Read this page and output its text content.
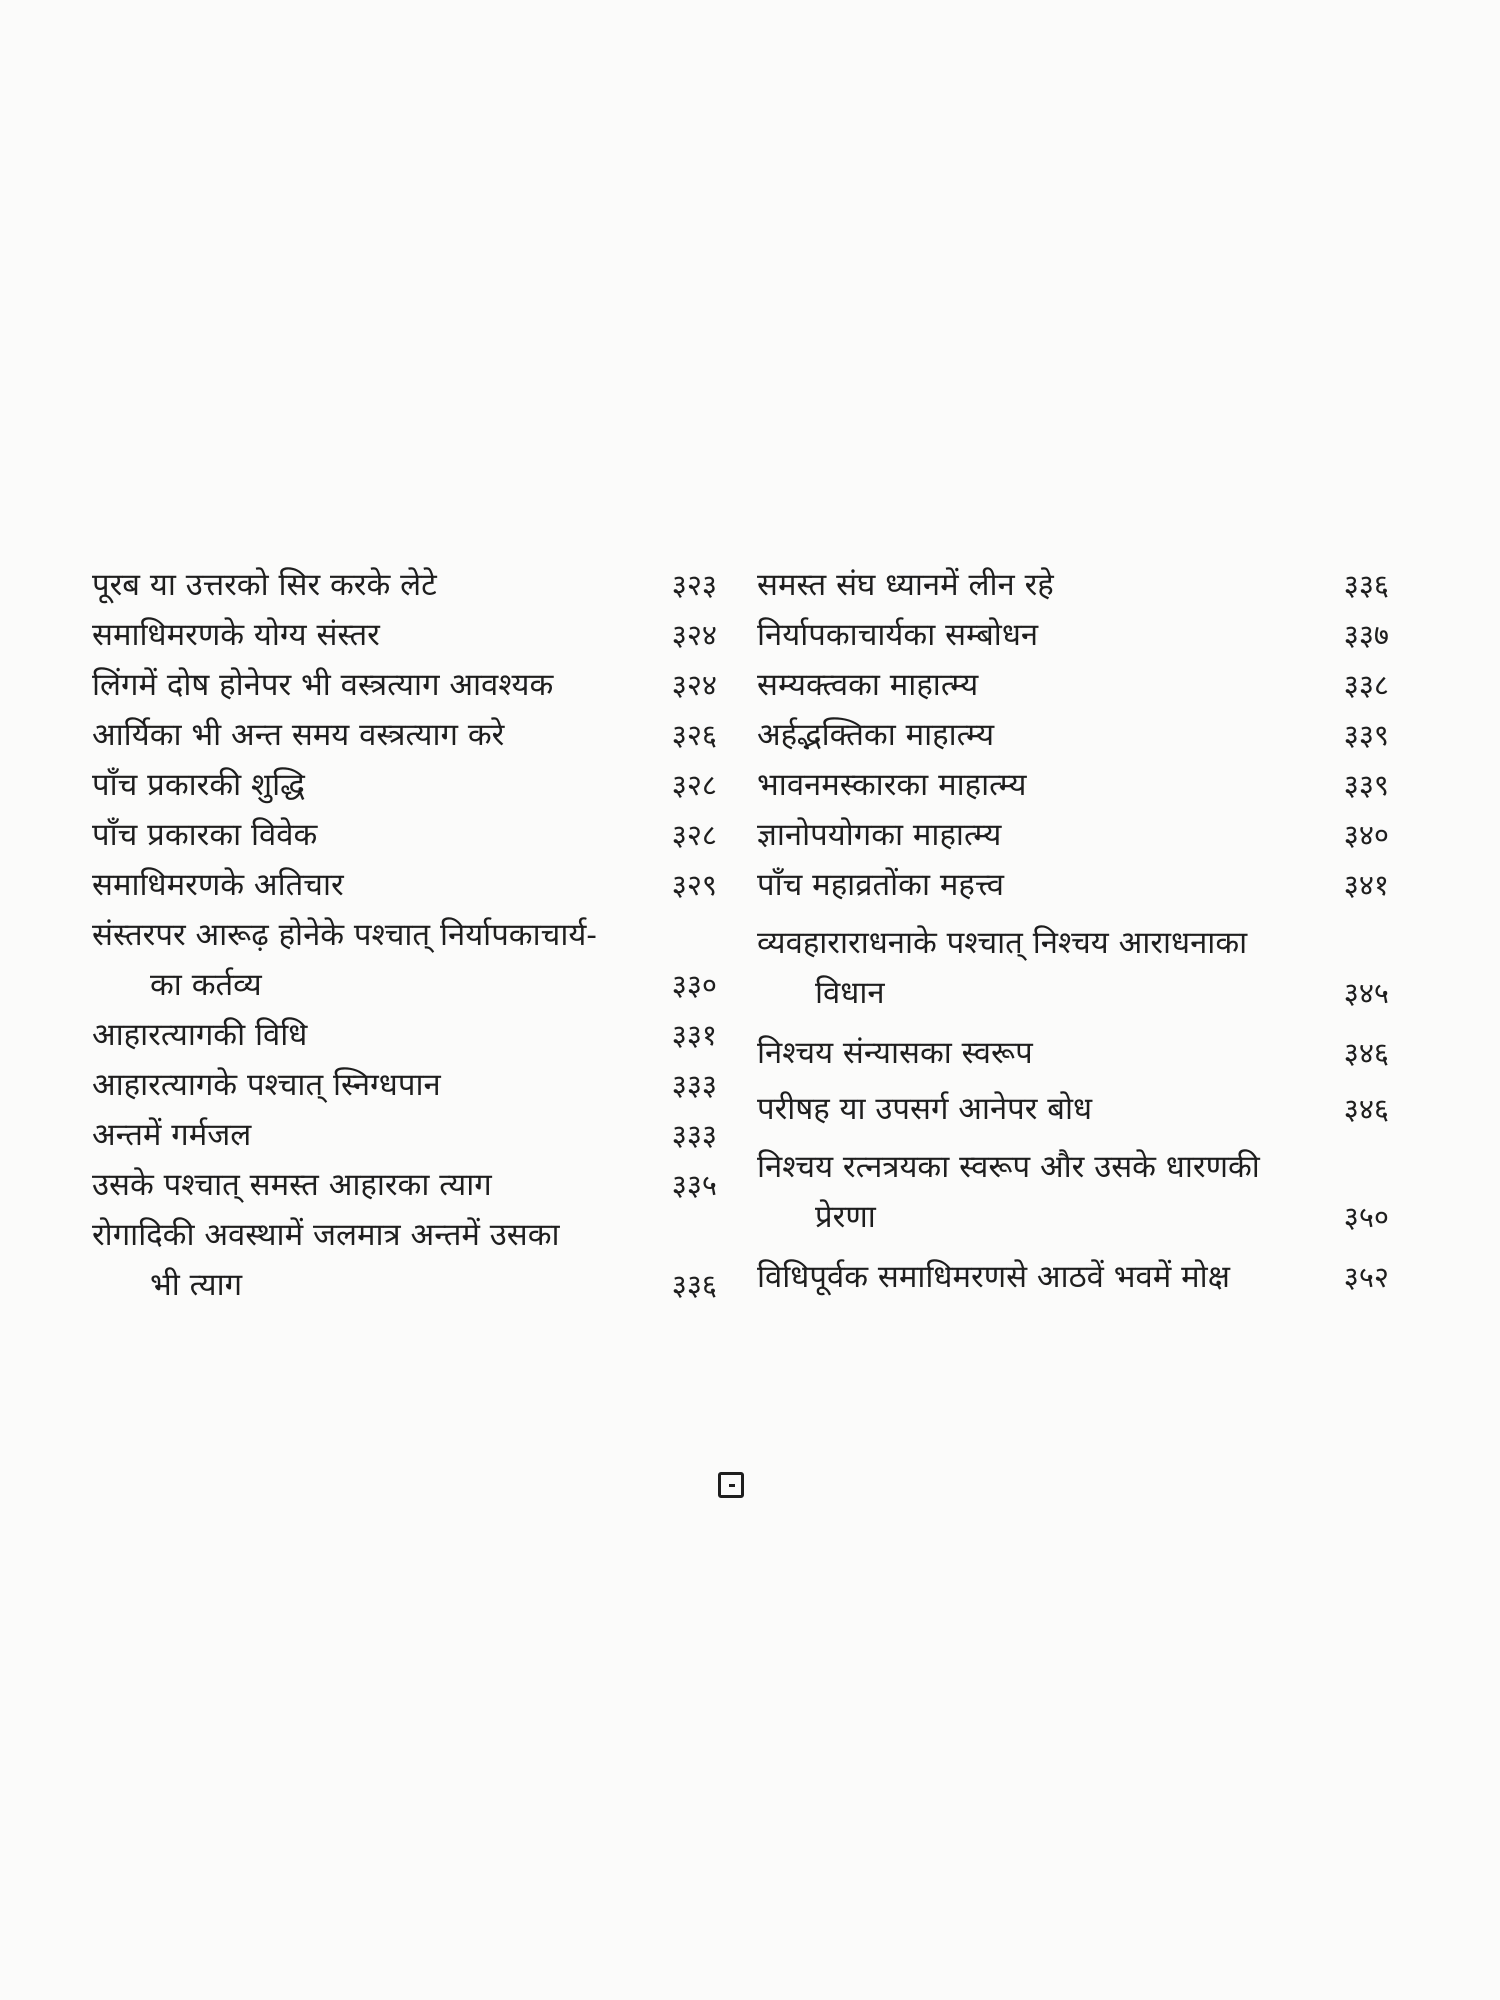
पूरब या उत्तरको सिर करके लेटे	३२३
समाधिमरणके योग्य संस्तर	३२४
लिंगमें दोष होनेपर भी वस्त्रत्याग आवश्यक	३२४
आर्यिका भी अन्त समय वस्त्रत्याग करे	३२६
पाँच प्रकारकी शुद्धि	३२८
पाँच प्रकारका विवेक	३२८
समाधिमरणके अतिचार	३२९
संस्तरपर आरूढ़ होनेके पश्चात् निर्यापकाचार्य-
का कर्तव्य	३३०
आहारत्यागकी विधि	३३१
आहारत्यागके पश्चात् स्निग्धपान	३३३
अन्तमें गर्मजल	३३३
उसके पश्चात् समस्त आहारका त्याग	३३५
रोगादिकी अवस्थामें जलमात्र अन्तमें उसका
भी त्याग	३३६
समस्त संघ ध्यानमें लीन रहे	३३६
निर्यापकाचार्यका सम्बोधन	३३७
सम्यक्त्वका माहात्म्य	३३८
अर्हद्भक्तिका माहात्म्य	३३९
भावनमस्कारका माहात्म्य	३३९
ज्ञानोपयोगका माहात्म्य	३४०
पाँच महाव्रतोंका महत्त्व	३४१
व्यवहाराराधनाके पश्चात् निश्चय आराधनाका
विधान	३४५
निश्चय संन्यासका स्वरूप	३४६
परीषह या उपसर्ग आनेपर बोध	३४६
निश्चय रत्नत्रयका स्वरूप और उसके धारणकी
प्रेरणा	३५०
विधिपूर्वक समाधिमरणसे आठवें भवमें मोक्ष	३५२
